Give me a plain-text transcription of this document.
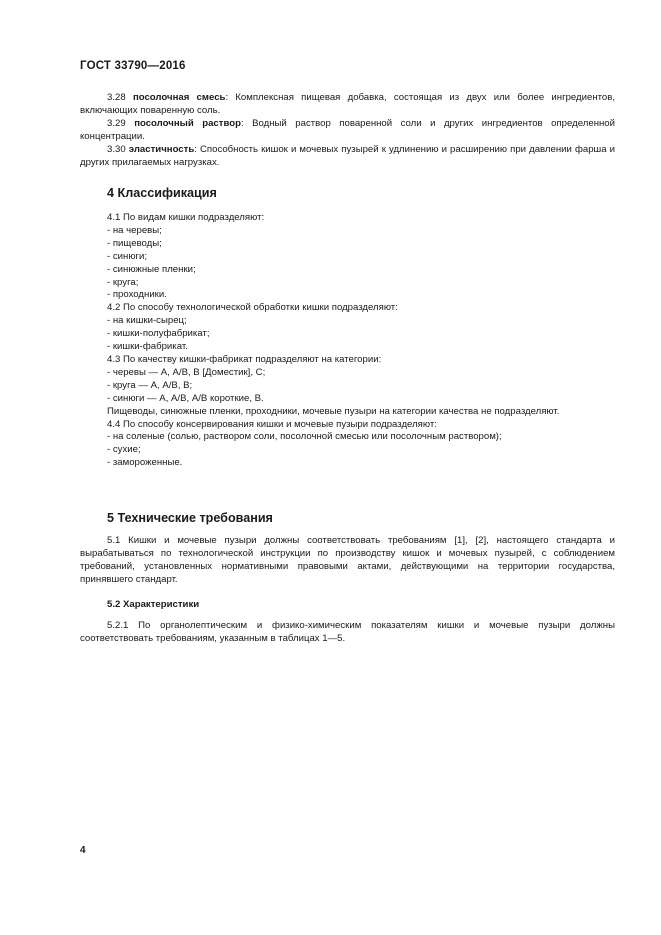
ГОСТ 33790—2016

3.28 посолочная смесь: Комплексная пищевая добавка, состоящая из двух или более ингредиентов, включающих поваренную соль.

3.29 посолочный раствор: Водный раствор поваренной соли и других ингредиентов определенной концентрации.

3.30 эластичность: Способность кишок и мочевых пузырей к удлинению и расширению при давлении фарша и других прилагаемых нагрузках.

4 Классификация

4.1 По видам кишки подразделяют:

- на черевы;

- пищеводы;

- синюги;

- синюжные пленки;

- круга;

- проходники.

4.2 По способу технологической обработки кишки подразделяют:

- на кишки-сырец;

- кишки-полуфабрикат;

- кишки-фабрикат.

4.3 По качеству кишки-фабрикат подразделяют на категории:

- черевы — А, А/В, В [Доместик], С;

- круга — А, А/В, В;

- синюги — А, А/В, А/В короткие, В.

Пищеводы, синюжные пленки, проходники, мочевые пузыри на категории качества не подразделяют.

4.4 По способу консервирования кишки и мочевые пузыри подразделяют:

- на соленые (солью, раствором соли, посолочной смесью или посолочным раствором);

- сухие;

- замороженные.

5 Технические требования

5.1 Кишки и мочевые пузыри должны соответствовать требованиям [1], [2], настоящего стандарта и вырабатываться по технологической инструкции по производству кишок и мочевых пузырей, с соблюдением требований, установленных нормативными правовыми актами, действующими на территории государства, принявшего стандарт.

5.2 Характеристики

5.2.1 По органолептическим и физико-химическим показателям кишки и мочевые пузыри должны соответствовать требованиям, указанным в таблицах 1—5.

4
